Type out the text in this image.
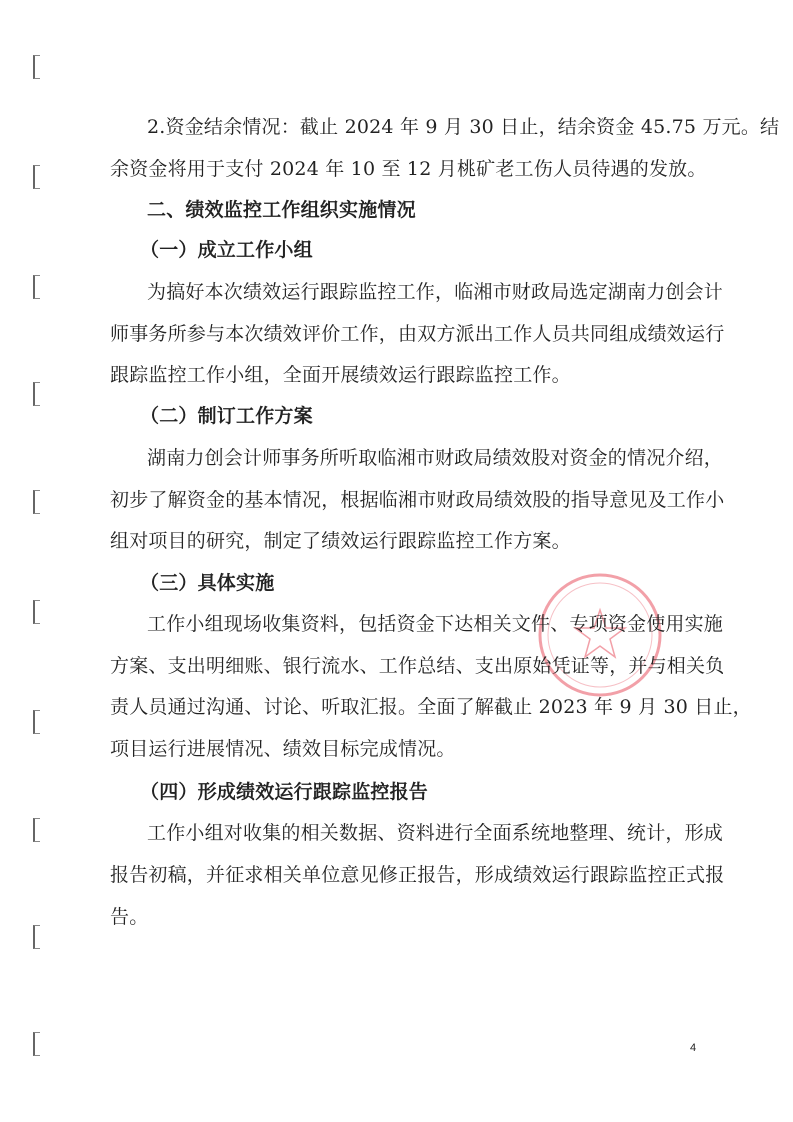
2.资金结余情况：截止 2024 年 9 月 30 日止，结余资金 45.75 万元。结
余资金将用于支付 2024 年 10 至 12 月桃矿老工伤人员待遇的发放。
二、绩效监控工作组织实施情况
（一）成立工作小组
为搞好本次绩效运行跟踪监控工作，临湘市财政局选定湖南力创会计
师事务所参与本次绩效评价工作，由双方派出工作人员共同组成绩效运行
跟踪监控工作小组，全面开展绩效运行跟踪监控工作。
（二）制订工作方案
湖南力创会计师事务所听取临湘市财政局绩效股对资金的情况介绍，
初步了解资金的基本情况，根据临湘市财政局绩效股的指导意见及工作小
组对项目的研究，制定了绩效运行跟踪监控工作方案。
（三）具体实施
工作小组现场收集资料，包括资金下达相关文件、专项资金使用实施
方案、支出明细账、银行流水、工作总结、支出原始凭证等，并与相关负
责人员通过沟通、讨论、听取汇报。全面了解截止 2023 年 9 月 30 日止，
项目运行进展情况、绩效目标完成情况。
（四）形成绩效运行跟踪监控报告
工作小组对收集的相关数据、资料进行全面系统地整理、统计，形成
报告初稿，并征求相关单位意见修正报告，形成绩效运行跟踪监控正式报
告。
4
